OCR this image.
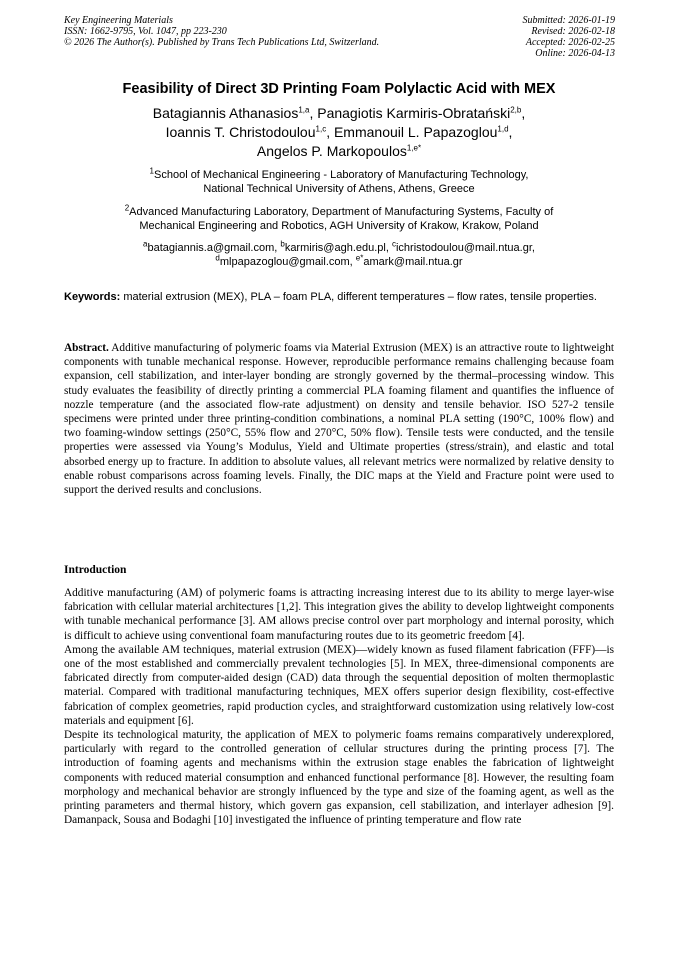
Key Engineering Materials
ISSN: 1662-9795, Vol. 1047, pp 223-230
© 2026 The Author(s). Published by Trans Tech Publications Ltd, Switzerland.
Submitted: 2026-01-19
Revised: 2026-02-18
Accepted: 2026-02-25
Online: 2026-04-13
Feasibility of Direct 3D Printing Foam Polylactic Acid with MEX
Batagiannis Athanasios$^{1,a}$, Panagiotis Karmiris-Obratański$^{2,b}$,
Ioannis T. Christodoulou$^{1,c}$, Emmanouil L. Papazoglou$^{1,d}$,
Angelos P. Markopoulos$^{1,e*}$
$^1$School of Mechanical Engineering - Laboratory of Manufacturing Technology,
National Technical University of Athens, Athens, Greece
$^2$Advanced Manufacturing Laboratory, Department of Manufacturing Systems, Faculty of
Mechanical Engineering and Robotics, AGH University of Krakow, Krakow, Poland
$^a$batagiannis.a@gmail.com, $^b$karmiris@agh.edu.pl, $^c$ichristodoulou@mail.ntua.gr,
$^d$mlpapazoglou@gmail.com, $^{e*}$amark@mail.ntua.gr
Keywords: material extrusion (MEX), PLA – foam PLA, different temperatures – flow rates, tensile properties.
Abstract. Additive manufacturing of polymeric foams via Material Extrusion (MEX) is an attractive route to lightweight components with tunable mechanical response. However, reproducible performance remains challenging because foam expansion, cell stabilization, and inter-layer bonding are strongly governed by the thermal–processing window. This study evaluates the feasibility of directly printing a commercial PLA foaming filament and quantifies the influence of nozzle temperature (and the associated flow-rate adjustment) on density and tensile behavior. ISO 527-2 tensile specimens were printed under three printing-condition combinations, a nominal PLA setting (190°C, 100% flow) and two foaming-window settings (250°C, 55% flow and 270°C, 50% flow). Tensile tests were conducted, and the tensile properties were assessed via Young’s Modulus, Yield and Ultimate properties (stress/strain), and elastic and total absorbed energy up to fracture. In addition to absolute values, all relevant metrics were normalized by relative density to enable robust comparisons across foaming levels. Finally, the DIC maps at the Yield and Fracture point were used to support the derived results and conclusions.
Introduction

Additive manufacturing (AM) of polymeric foams is attracting increasing interest due to its ability to merge layer-wise fabrication with cellular material architectures [1,2]. This integration gives the ability to develop lightweight components with tunable mechanical performance [3]. AM allows precise control over part morphology and internal porosity, which is difficult to achieve using conventional foam manufacturing routes due to its geometric freedom [4].

Among the available AM techniques, material extrusion (MEX)—widely known as fused filament fabrication (FFF)—is one of the most established and commercially prevalent technologies [5]. In MEX, three-dimensional components are fabricated directly from computer-aided design (CAD) data through the sequential deposition of molten thermoplastic material. Compared with traditional manufacturing techniques, MEX offers superior design flexibility, cost-effective fabrication of complex geometries, rapid production cycles, and straightforward customization using relatively low-cost materials and equipment [6].

Despite its technological maturity, the application of MEX to polymeric foams remains comparatively underexplored, particularly with regard to the controlled generation of cellular structures during the printing process [7]. The introduction of foaming agents and mechanisms within the extrusion stage enables the fabrication of lightweight components with reduced material consumption and enhanced functional performance [8]. However, the resulting foam morphology and mechanical behavior are strongly influenced by the type and size of the foaming agent, as well as the printing parameters and thermal history, which govern gas expansion, cell stabilization, and interlayer adhesion [9]. Damanpack, Sousa and Bodaghi [10] investigated the influence of printing temperature and flow rate
